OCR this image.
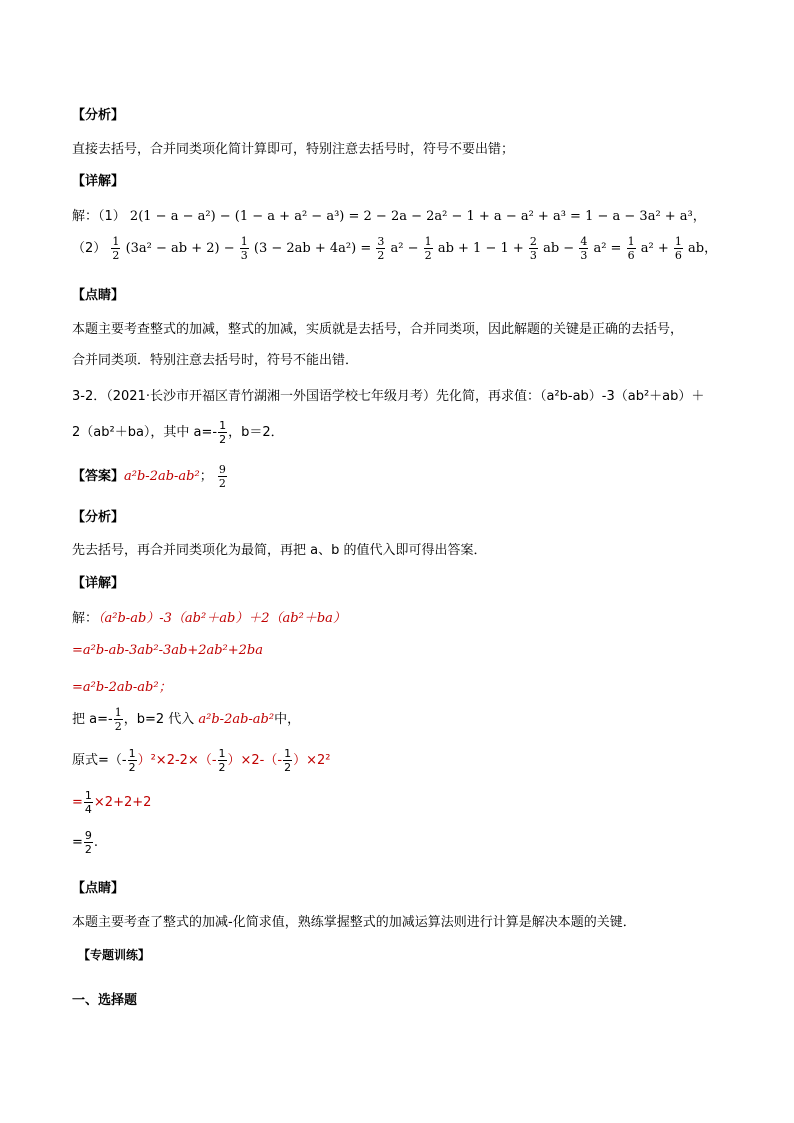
【分析】
直接去括号，合并同类项化简计算即可，特别注意去括号时，符号不要出错；
【详解】
解：（1） 2(1 − a − a²) − (1 − a + a² − a³) = 2 − 2a − 2a² − 1 + a − a² + a³ = 1 − a − 3a² + a³，
$(2) \frac{1}{2} (3a^2$ − ab + $2) - \frac{1}{3} (3 - 2ab + 4a^2) = \frac{3}{2} a^2 - \frac{1}{2}$ ab + $1 - 1 + \frac{2}{3}$ ab − $\frac{4}{3} a^2 = \frac{1}{6} a^2 + \frac{1}{6}$ ab，
【点睛】
本题主要考查整式的加减，整式的加减，实质就是去括号，合并同类项，因此解题的关键是正确的去括号，
合并同类项．特别注意去括号时，符号不能出错．
3-2．（2021·长沙市开福区青竹湖湘一外国语学校七年级月考）先化简，再求值：（a²b-ab）-3（ab²＋ab）＋
2（ab²＋ba），其中 $a=- \frac{1}{2}$ ，b＝2．
【答案】a²b-2ab-ab²； $\frac{9}{2}$
【分析】
先去括号，再合并同类项化为最简，再把 a、b 的值代入即可得出答案．
【详解】
解：（a²b-ab）-3（ab²＋ab）＋2（ab²＋ba）
=a²b-ab-3ab²-3ab+2ab²+2ba
=a²b-2ab-ab²；
把 $a=- \frac{1}{2}$ ，b=2 代入 a²b-2ab-ab²中，
原式=（- $\frac{1}{2} )^2\times 2-2\times(- \frac{1}{2} )\times 2-(- \frac{1}{2} )\times 2^2$
= $\frac{1}{4} \times 2+2+2$
= $\frac{9}{2}$ .
【点睛】
本题主要考查了整式的加减-化简求值，熟练掌握整式的加减运算法则进行计算是解决本题的关键．
【专题训练】
一、选择题
